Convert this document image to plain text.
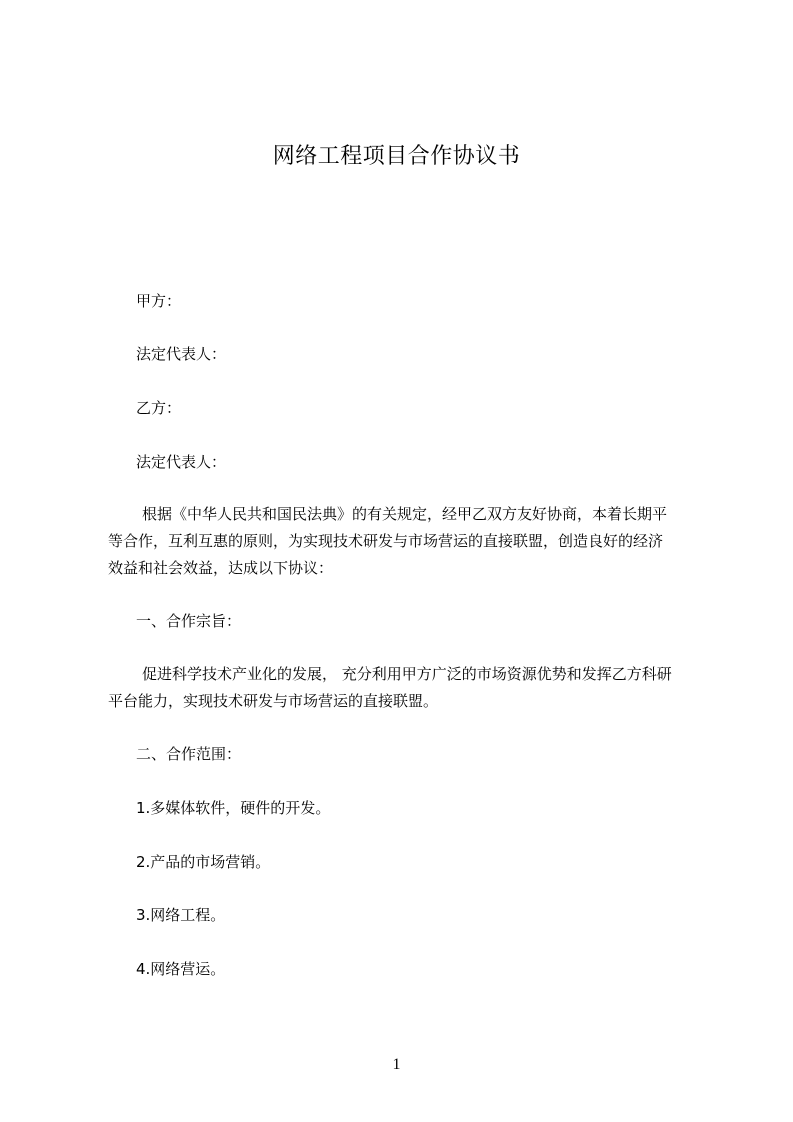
网络工程项目合作协议书
甲方：
法定代表人：
乙方：
法定代表人：
根据《中华人民共和国民法典》的有关规定，经甲乙双方友好协商，本着长期平
等合作，互利互惠的原则，为实现技术研发与市场营运的直接联盟，创造良好的经济
效益和社会效益，达成以下协议：
一、合作宗旨：
促进科学技术产业化的发展， 充分利用甲方广泛的市场资源优势和发挥乙方科研
平台能力，实现技术研发与市场营运的直接联盟。
二、合作范围：
1.多媒体软件，硬件的开发。
2.产品的市场营销。
3.网络工程。
4.网络营运。
1
